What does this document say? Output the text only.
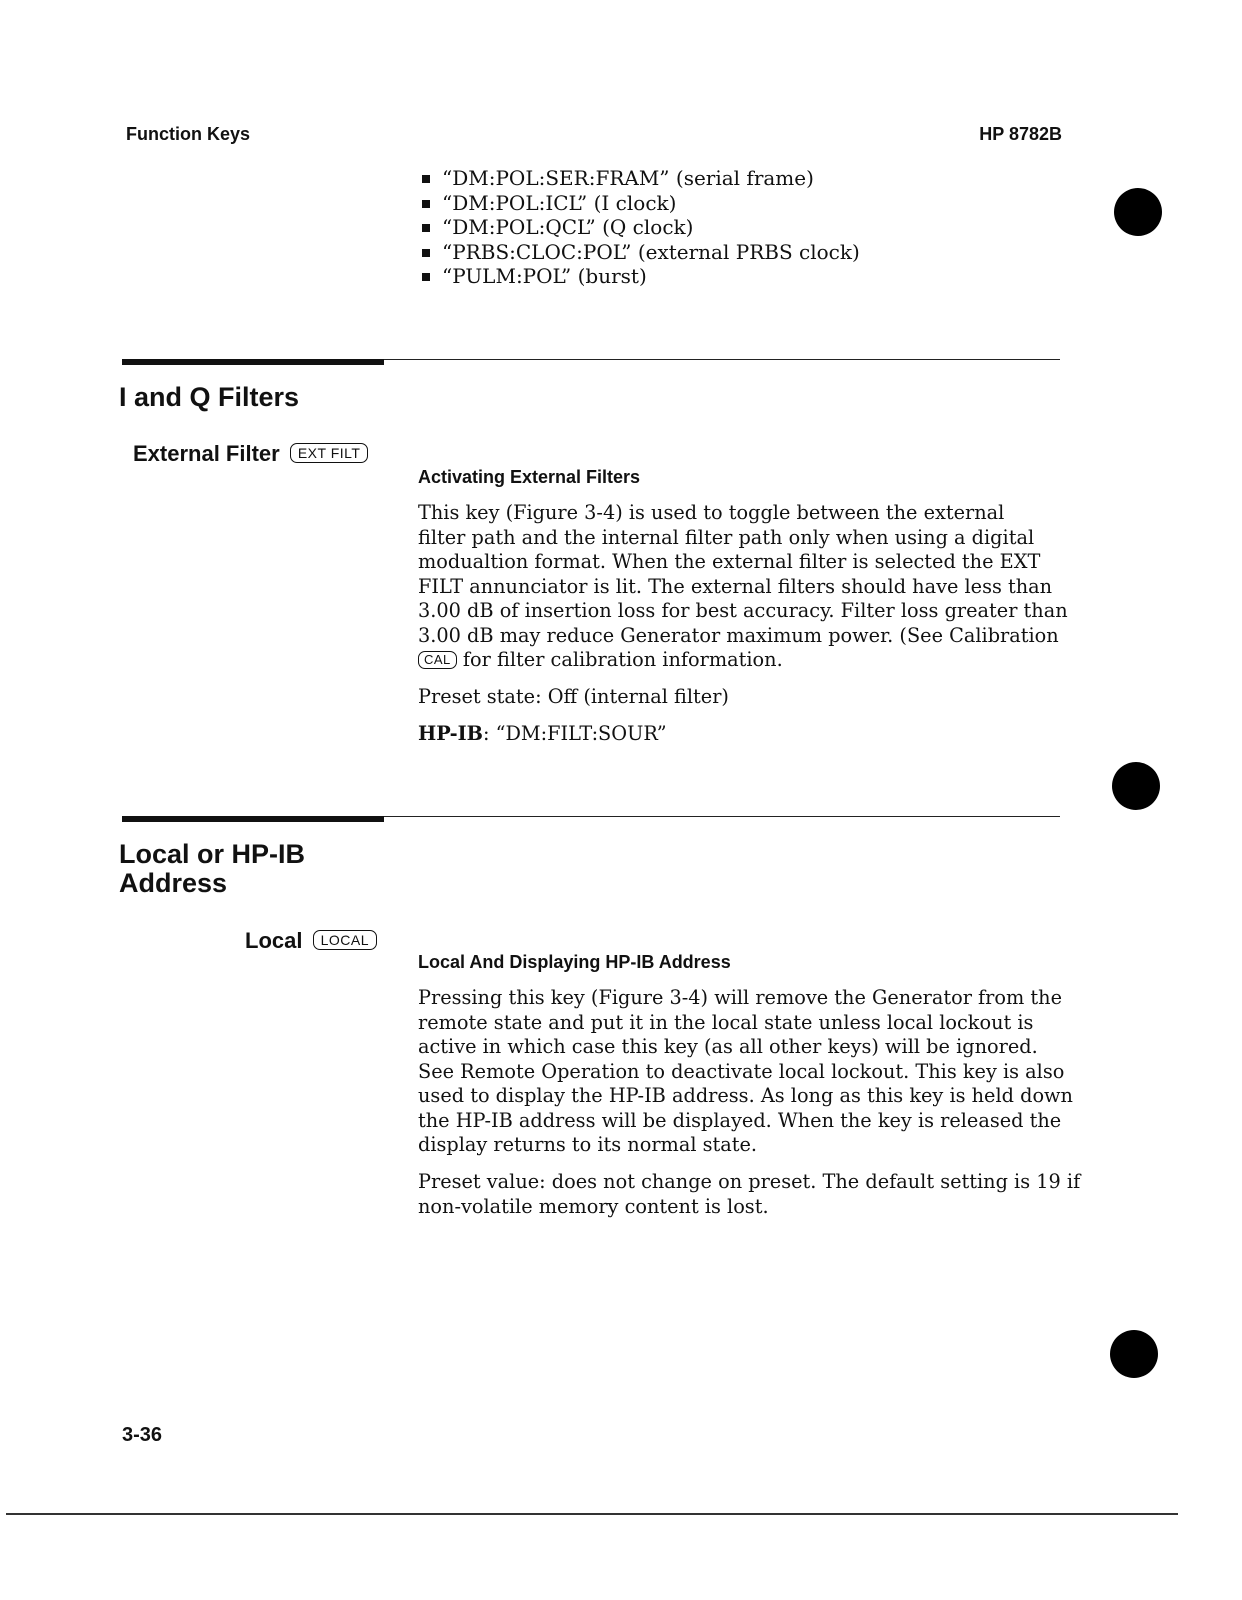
Function Keys	HP 8782B
“DM:POL:SER:FRAM” (serial frame)
“DM:POL:ICL” (I clock)
“DM:POL:QCL” (Q clock)
“PRBS:CLOC:POL” (external PRBS clock)
“PULM:POL” (burst)
I and Q Filters
External Filter EXT FILT
Activating External Filters
This key (Figure 3-4) is used to toggle between the external
filter path and the internal filter path only when using a digital
modualtion format. When the external filter is selected the EXT
FILT annunciator is lit. The external filters should have less than
3.00 dB of insertion loss for best accuracy. Filter loss greater than
3.00 dB may reduce Generator maximum power. (See Calibration
CAL for filter calibration information.
Preset state: Off (internal filter)
HP-IB: “DM:FILT:SOUR”
Local or HP-IB
Address
Local LOCAL
Local And Displaying HP-IB Address
Pressing this key (Figure 3-4) will remove the Generator from the
remote state and put it in the local state unless local lockout is
active in which case this key (as all other keys) will be ignored.
See Remote Operation to deactivate local lockout. This key is also
used to display the HP-IB address. As long as this key is held down
the HP-IB address will be displayed. When the key is released the
display returns to its normal state.
Preset value: does not change on preset. The default setting is 19 if
non-volatile memory content is lost.
3-36
